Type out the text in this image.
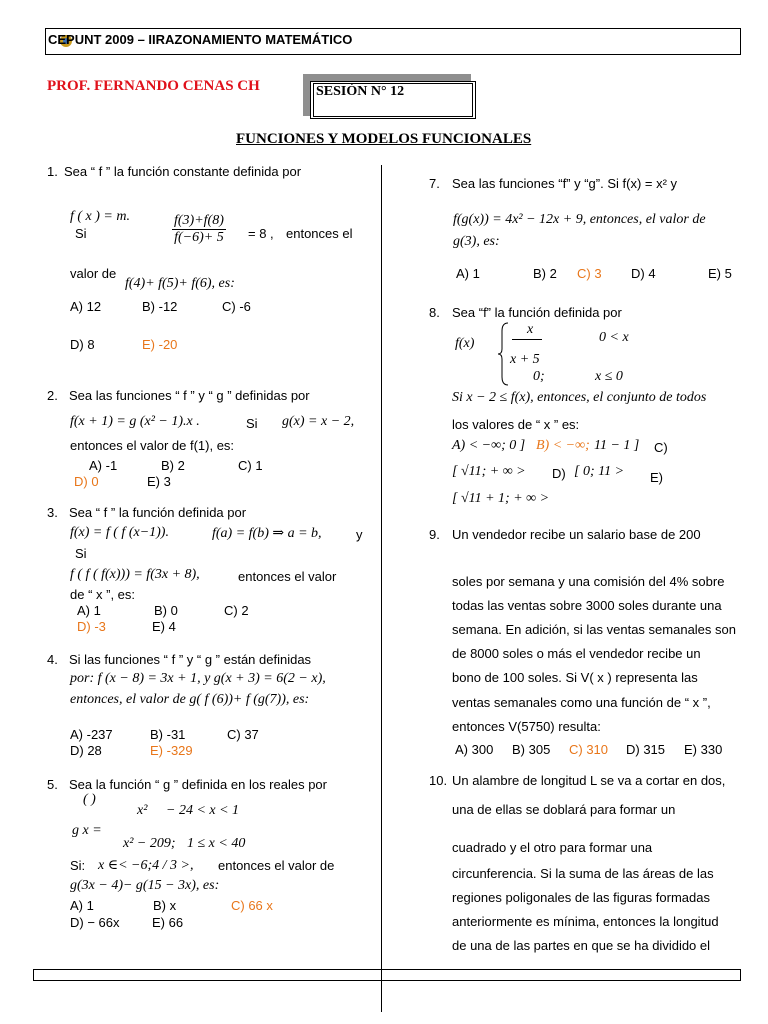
CEPUNT 2009 – IIRAZONAMIENTO MATEMÁTICO
PROF. FERNANDO CENAS CH	SESIÓN N° 12
FUNCIONES Y MODELOS FUNCIONALES
1. Sea “ f ” la función constante definida por
f ( x ) = m.
Si	$\frac{f(3)+f(8)}{f(-6)+ 5} = 8$ , entonces el
valor de
f(4)+ f(5)+ f(6), es:
A) 12	B) -12	C) -6
D) 8	E) -20
2. Sea las funciones “ f ” y “ g ” definidas por
f(x + 1) = g (x² − 1).x .	Si g(x) = x − 2,
entonces el valor de f(1), es:
A) -1	B) 2	C) 1
D) 0	E) 3
3. Sea “ f ” la función definida por
f(x) = f ( f (x−1)).	f(a) = f(b) ⇒ a = b,	y
Si
f ( f ( f(x))) = f(3x + 8),	entonces el valor
de “ x ”, es:
A) 1	B) 0	C) 2
D) -3	E) 4
4. Si las funciones “ f ” y “ g ” están definidas
por: f (x − 8) = 3x + 1, y g(x + 3) = 6(2 − x),
entonces, el valor de g( f (6))+ f (g(7)), es:
A) -237	B) -31	C) 37
D) 28	E) -329
5. Sea la función “ g ” definida en los reales por
( )
g x =
x² − 24 < x < 1
x² − 209; 1 ≤ x < 40
Si: x ∈< −6;4 / 3 >, entonces el valor de
g(3x − 4)− g(15 − 3x), es:
A) 1	B) x	C) 66 x
D) − 66x	E) 66
7. Sea las funciones “f” y “g”. Si f(x) = x² y
f(g(x)) = 4x² − 12x + 9, entonces, el valor de
g(3), es:
A) 1	B) 2 C) 3 D) 4	E) 5
8. Sea “f” la función definida por
f(x)
x
x + 5
0 < x
0;	x ≤ 0
Si x − 2 ≤ f(x), entonces, el conjunto de todos
los valores de “ x ” es:
A) < −∞; 0 ] B) < −∞; 11 − 1 ] C)
[ √11; + ∞ > D) [ 0; 11 > E)
[ √11 + 1; + ∞ >
9. Un vendedor recibe un salario base de 200
soles por semana y una comisión del 4% sobre
todas las ventas sobre 3000 soles durante una
semana. En adición, si las ventas semanales son
de 8000 soles o más el vendedor recibe un
bono de 100 soles. Si V( x ) representa las
ventas semanales como una función de “ x ”,
entonces V(5750) resulta:
A) 300 B) 305 C) 310 D) 315 E) 330
10. Un alambre de longitud L se va a cortar en dos,
una de ellas se doblará para formar un
cuadrado y el otro para formar una
circunferencia. Si la suma de las áreas de las
regiones poligonales de las figuras formadas
anteriormente es mínima, entonces la longitud
de una de las partes en que se ha dividido el
